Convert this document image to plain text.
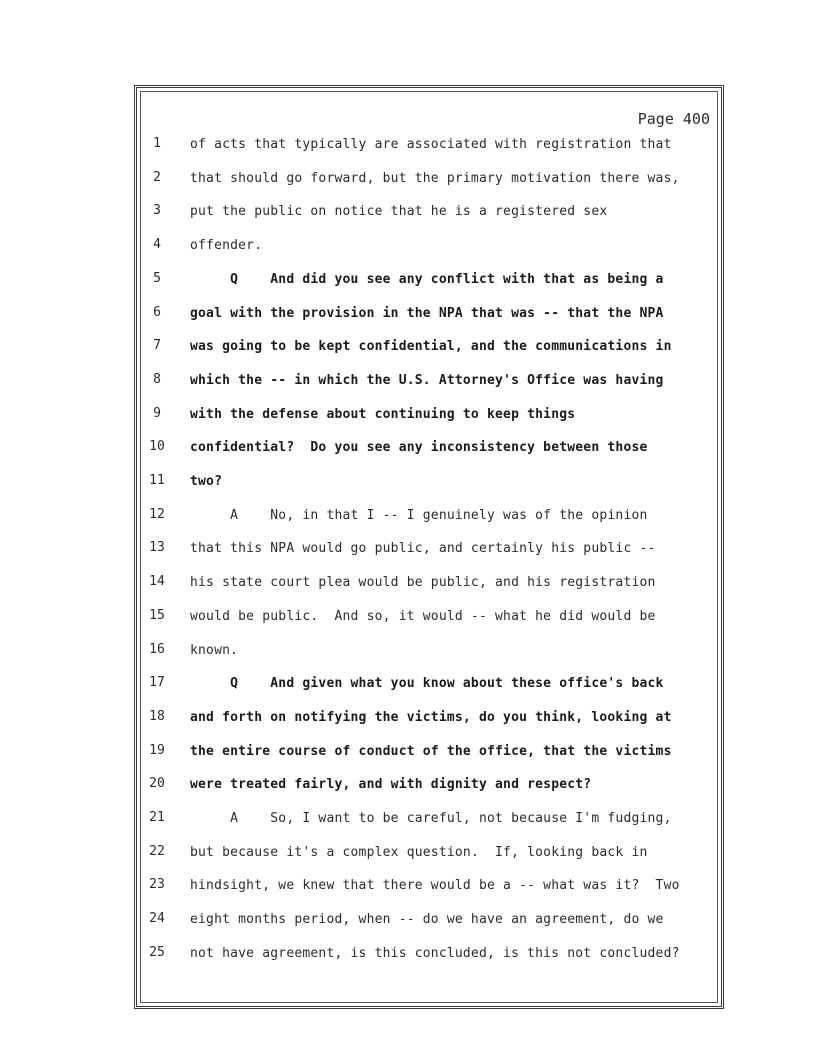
Page 400
1	of acts that typically are associated with registration that
2	that should go forward, but the primary motivation there was,
3	put the public on notice that he is a registered sex
4	offender.
5	Q    And did you see any conflict with that as being a
6	goal with the provision in the NPA that was -- that the NPA
7	was going to be kept confidential, and the communications in
8	which the -- in which the U.S. Attorney's Office was having
9	with the defense about continuing to keep things
10 confidential?  Do you see any inconsistency between those
11 two?
12 A    No, in that I -- I genuinely was of the opinion
13 that this NPA would go public, and certainly his public --
14 his state court plea would be public, and his registration
15 would be public.  And so, it would -- what he did would be
16 known.
17 Q    And given what you know about these office's back
18 and forth on notifying the victims, do you think, looking at
19 the entire course of conduct of the office, that the victims
20 were treated fairly, and with dignity and respect?
21 A    So, I want to be careful, not because I'm fudging,
22 but because it's a complex question.  If, looking back in
23 hindsight, we knew that there would be a -- what was it?  Two
24 eight months period, when -- do we have an agreement, do we
25 not have agreement, is this concluded, is this not concluded?
